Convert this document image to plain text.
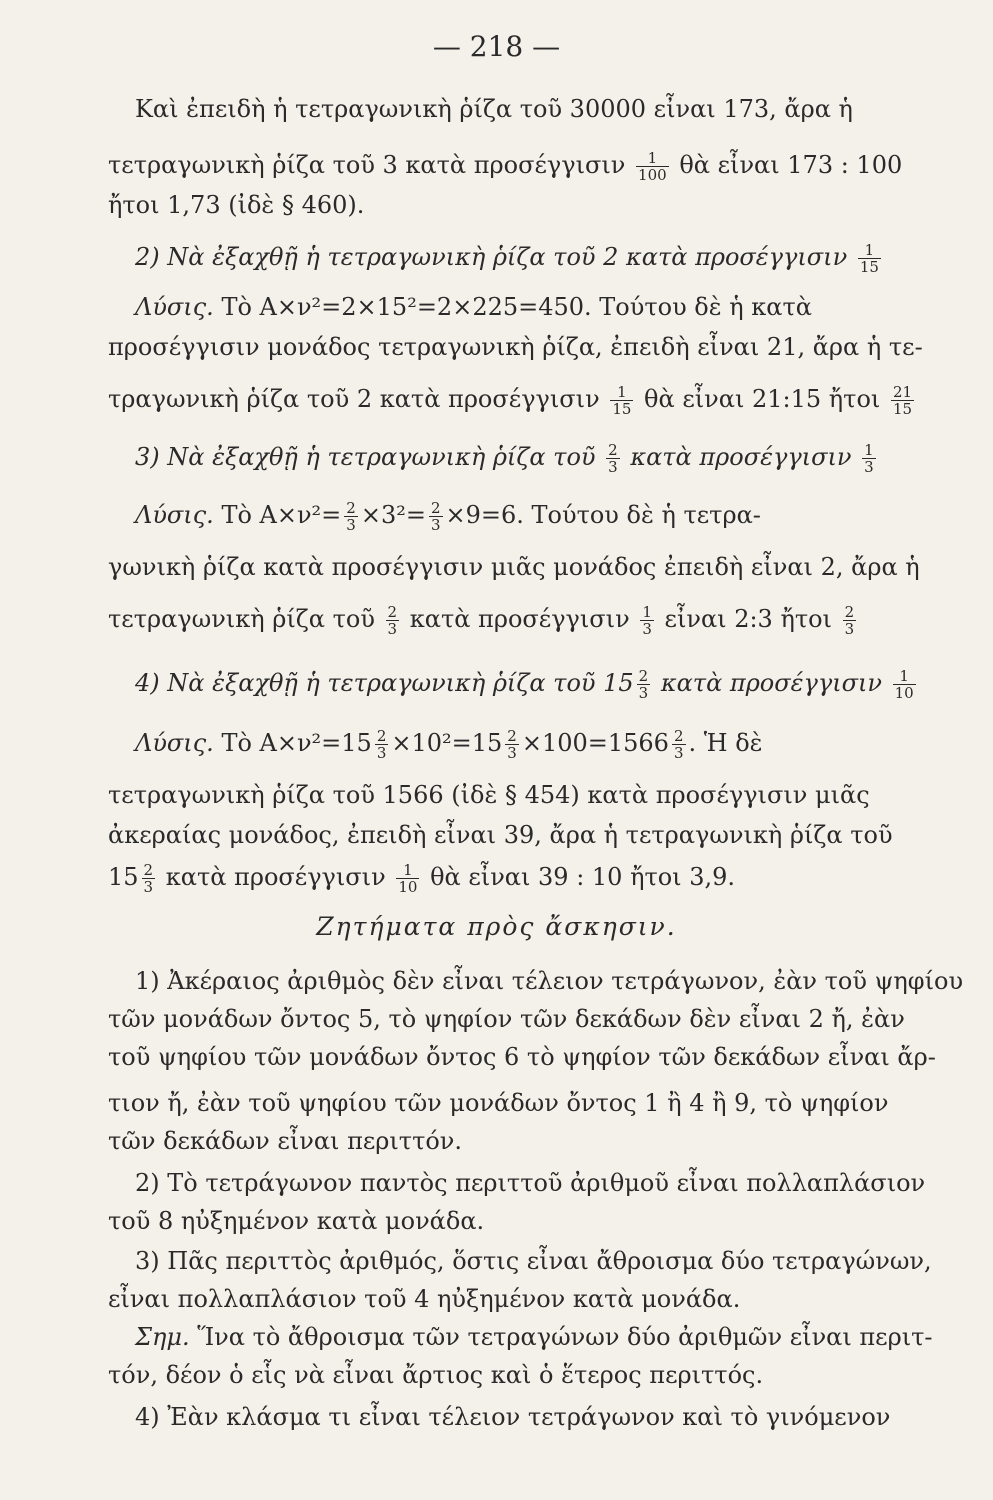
— 218 —
Καὶ ἐπειδὴ ἡ τετραγωνικὴ ῥίζα τοῦ 30000 εἶναι 173, ἄρα ἡ
τετραγωνικὴ ῥίζα τοῦ 3 κατὰ προσέγγισιν $\frac{1}{100}$ θὰ εἶναι 173 : 100
ἤτοι 1,73 (ἰδὲ § 460).
2) Νὰ ἐξαχθῇ ἡ τετραγωνικὴ ῥίζα τοῦ 2 κατὰ προσέγγισιν $\frac{1}{15}$
Λύσις. Τὸ A×ν²=2×15²=2×225=450. Τούτου δὲ ἡ κατὰ
προσέγγισιν μονάδος τετραγωνικὴ ῥίζα, ἐπειδὴ εἶναι 21, ἄρα ἡ τε-
τραγωνικὴ ῥίζα τοῦ 2 κατὰ προσέγγισιν $\frac{1}{15}$ θὰ εἶναι 21:15 ἤτοι $\frac{21}{15}$
3) Νὰ ἐξαχθῇ ἡ τετραγωνικὴ ῥίζα τοῦ $\frac{2}{3}$ κατὰ προσέγγισιν $\frac{1}{3}$
Λύσις. Τὸ $A\times\nu^2= \frac{2}{3} \times 3^2= \frac{2}{3} \times 9=6$. Τούτου δὲ ἡ τετρα-
γωνικὴ ῥίζα κατὰ προσέγγισιν μιᾶς μονάδος ἐπειδὴ εἶναι 2, ἄρα ἡ
τετραγωνικὴ ῥίζα τοῦ $\frac{2}{3}$ κατὰ προσέγγισιν $\frac{1}{3}$ εἶναι 2:3 ἤτοι $\frac{2}{3}$
4) Νὰ ἐξαχθῇ ἡ τετραγωνικὴ ῥίζα τοῦ $15 \frac{2}{3}$ κατὰ προσέγγισιν $\frac{1}{10}$
Λύσις. Τὸ $A\times\nu^2=15 \frac{2}{3} \times 10^2=15 \frac{2}{3} \times 100=1566 \frac{2}{3}$ . Ἡ δὲ
τετραγωνικὴ ῥίζα τοῦ 1566 (ἰδὲ § 454) κατὰ προσέγγισιν μιᾶς
ἀκεραίας μονάδος, ἐπειδὴ εἶναι 39, ἄρα ἡ τετραγωνικὴ ῥίζα τοῦ
$15 \frac{2}{3}$ κατὰ προσέγγισιν $\frac{1}{10}$ θὰ εἶναι 39 : 10 ἤτοι 3,9.
Ζητήματα πρὸς ἄσκησιν.
1) Ἀκέραιος ἀριθμὸς δὲν εἶναι τέλειον τετράγωνον, ἐὰν τοῦ ψηφίου
τῶν μονάδων ὄντος 5, τὸ ψηφίον τῶν δεκάδων δὲν εἶναι 2 ἤ, ἐὰν
τοῦ ψηφίου τῶν μονάδων ὄντος 6 τὸ ψηφίον τῶν δεκάδων εἶναι ἄρ-
τιον ἤ, ἐὰν τοῦ ψηφίου τῶν μονάδων ὄντος 1 ἢ 4 ἢ 9, τὸ ψηφίον
τῶν δεκάδων εἶναι περιττόν.
2) Τὸ τετράγωνον παντὸς περιττοῦ ἀριθμοῦ εἶναι πολλαπλάσιον
τοῦ 8 ηὐξημένον κατὰ μονάδα.
3) Πᾶς περιττὸς ἀριθμός, ὅστις εἶναι ἄθροισμα δύο τετραγώνων,
εἶναι πολλαπλάσιον τοῦ 4 ηὐξημένον κατὰ μονάδα.
Σημ. Ἵνα τὸ ἄθροισμα τῶν τετραγώνων δύο ἀριθμῶν εἶναι περιτ-
τόν, δέον ὁ εἷς νὰ εἶναι ἄρτιος καὶ ὁ ἕτερος περιττός.
4) Ἐὰν κλάσμα τι εἶναι τέλειον τετράγωνον καὶ τὸ γινόμενον
